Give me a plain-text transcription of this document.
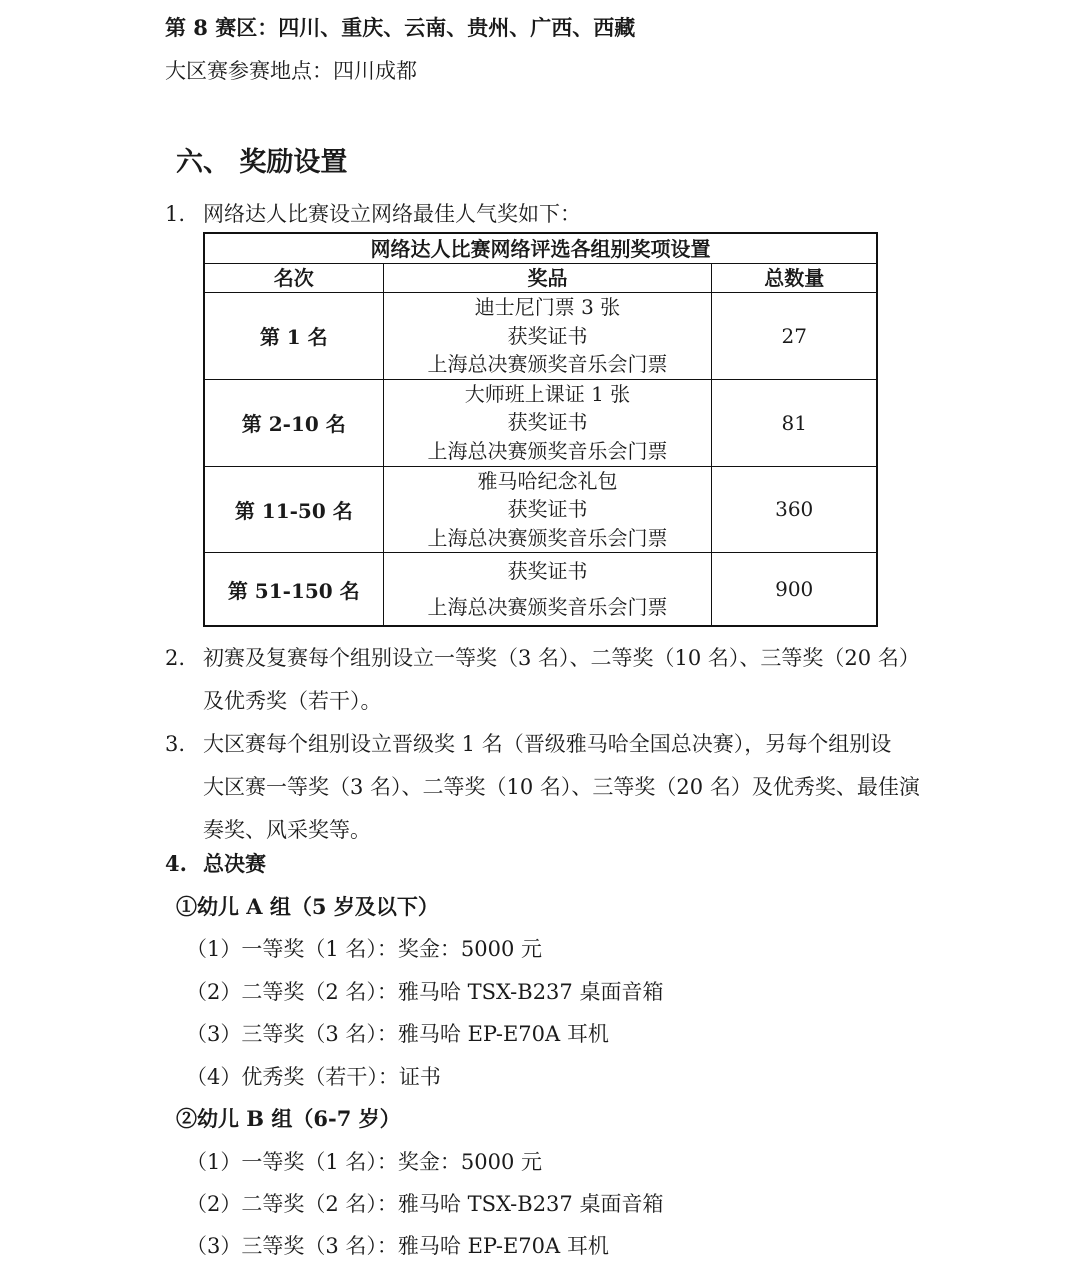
第 8 赛区：四川、重庆、云南、贵州、广西、西藏
大区赛参赛地点：四川成都
六、 奖励设置
1. 网络达人比赛设立网络最佳人气奖如下：
网络达人比赛网络评选各组别奖项设置		
名次	奖品	总数量
第 1 名	迪士尼门票 3 张
获奖证书
上海总决赛颁奖音乐会门票	27
第 2-10 名	大师班上课证 1 张
获奖证书
上海总决赛颁奖音乐会门票	81
第 11-50 名	雅马哈纪念礼包
获奖证书
上海总决赛颁奖音乐会门票	360
第 51-150 名	获奖证书
上海总决赛颁奖音乐会门票	900
2. 初赛及复赛每个组别设立一等奖（3 名）、二等奖（10 名）、三等奖（20 名）
及优秀奖（若干）。
3. 大区赛每个组别设立晋级奖 1 名（晋级雅马哈全国总决赛），另每个组别设
大区赛一等奖（3 名）、二等奖（10 名）、三等奖（20 名）及优秀奖、最佳演
奏奖、风采奖等。
4. 总决赛
①幼儿 A 组（5 岁及以下）
（1）一等奖（1 名）：奖金：5000 元
（2）二等奖（2 名）：雅马哈 TSX-B237 桌面音箱
（3）三等奖（3 名）：雅马哈 EP-E70A 耳机
（4）优秀奖（若干）：证书
②幼儿 B 组（6-7 岁）
（1）一等奖（1 名）：奖金：5000 元
（2）二等奖（2 名）：雅马哈 TSX-B237 桌面音箱
（3）三等奖（3 名）：雅马哈 EP-E70A 耳机
